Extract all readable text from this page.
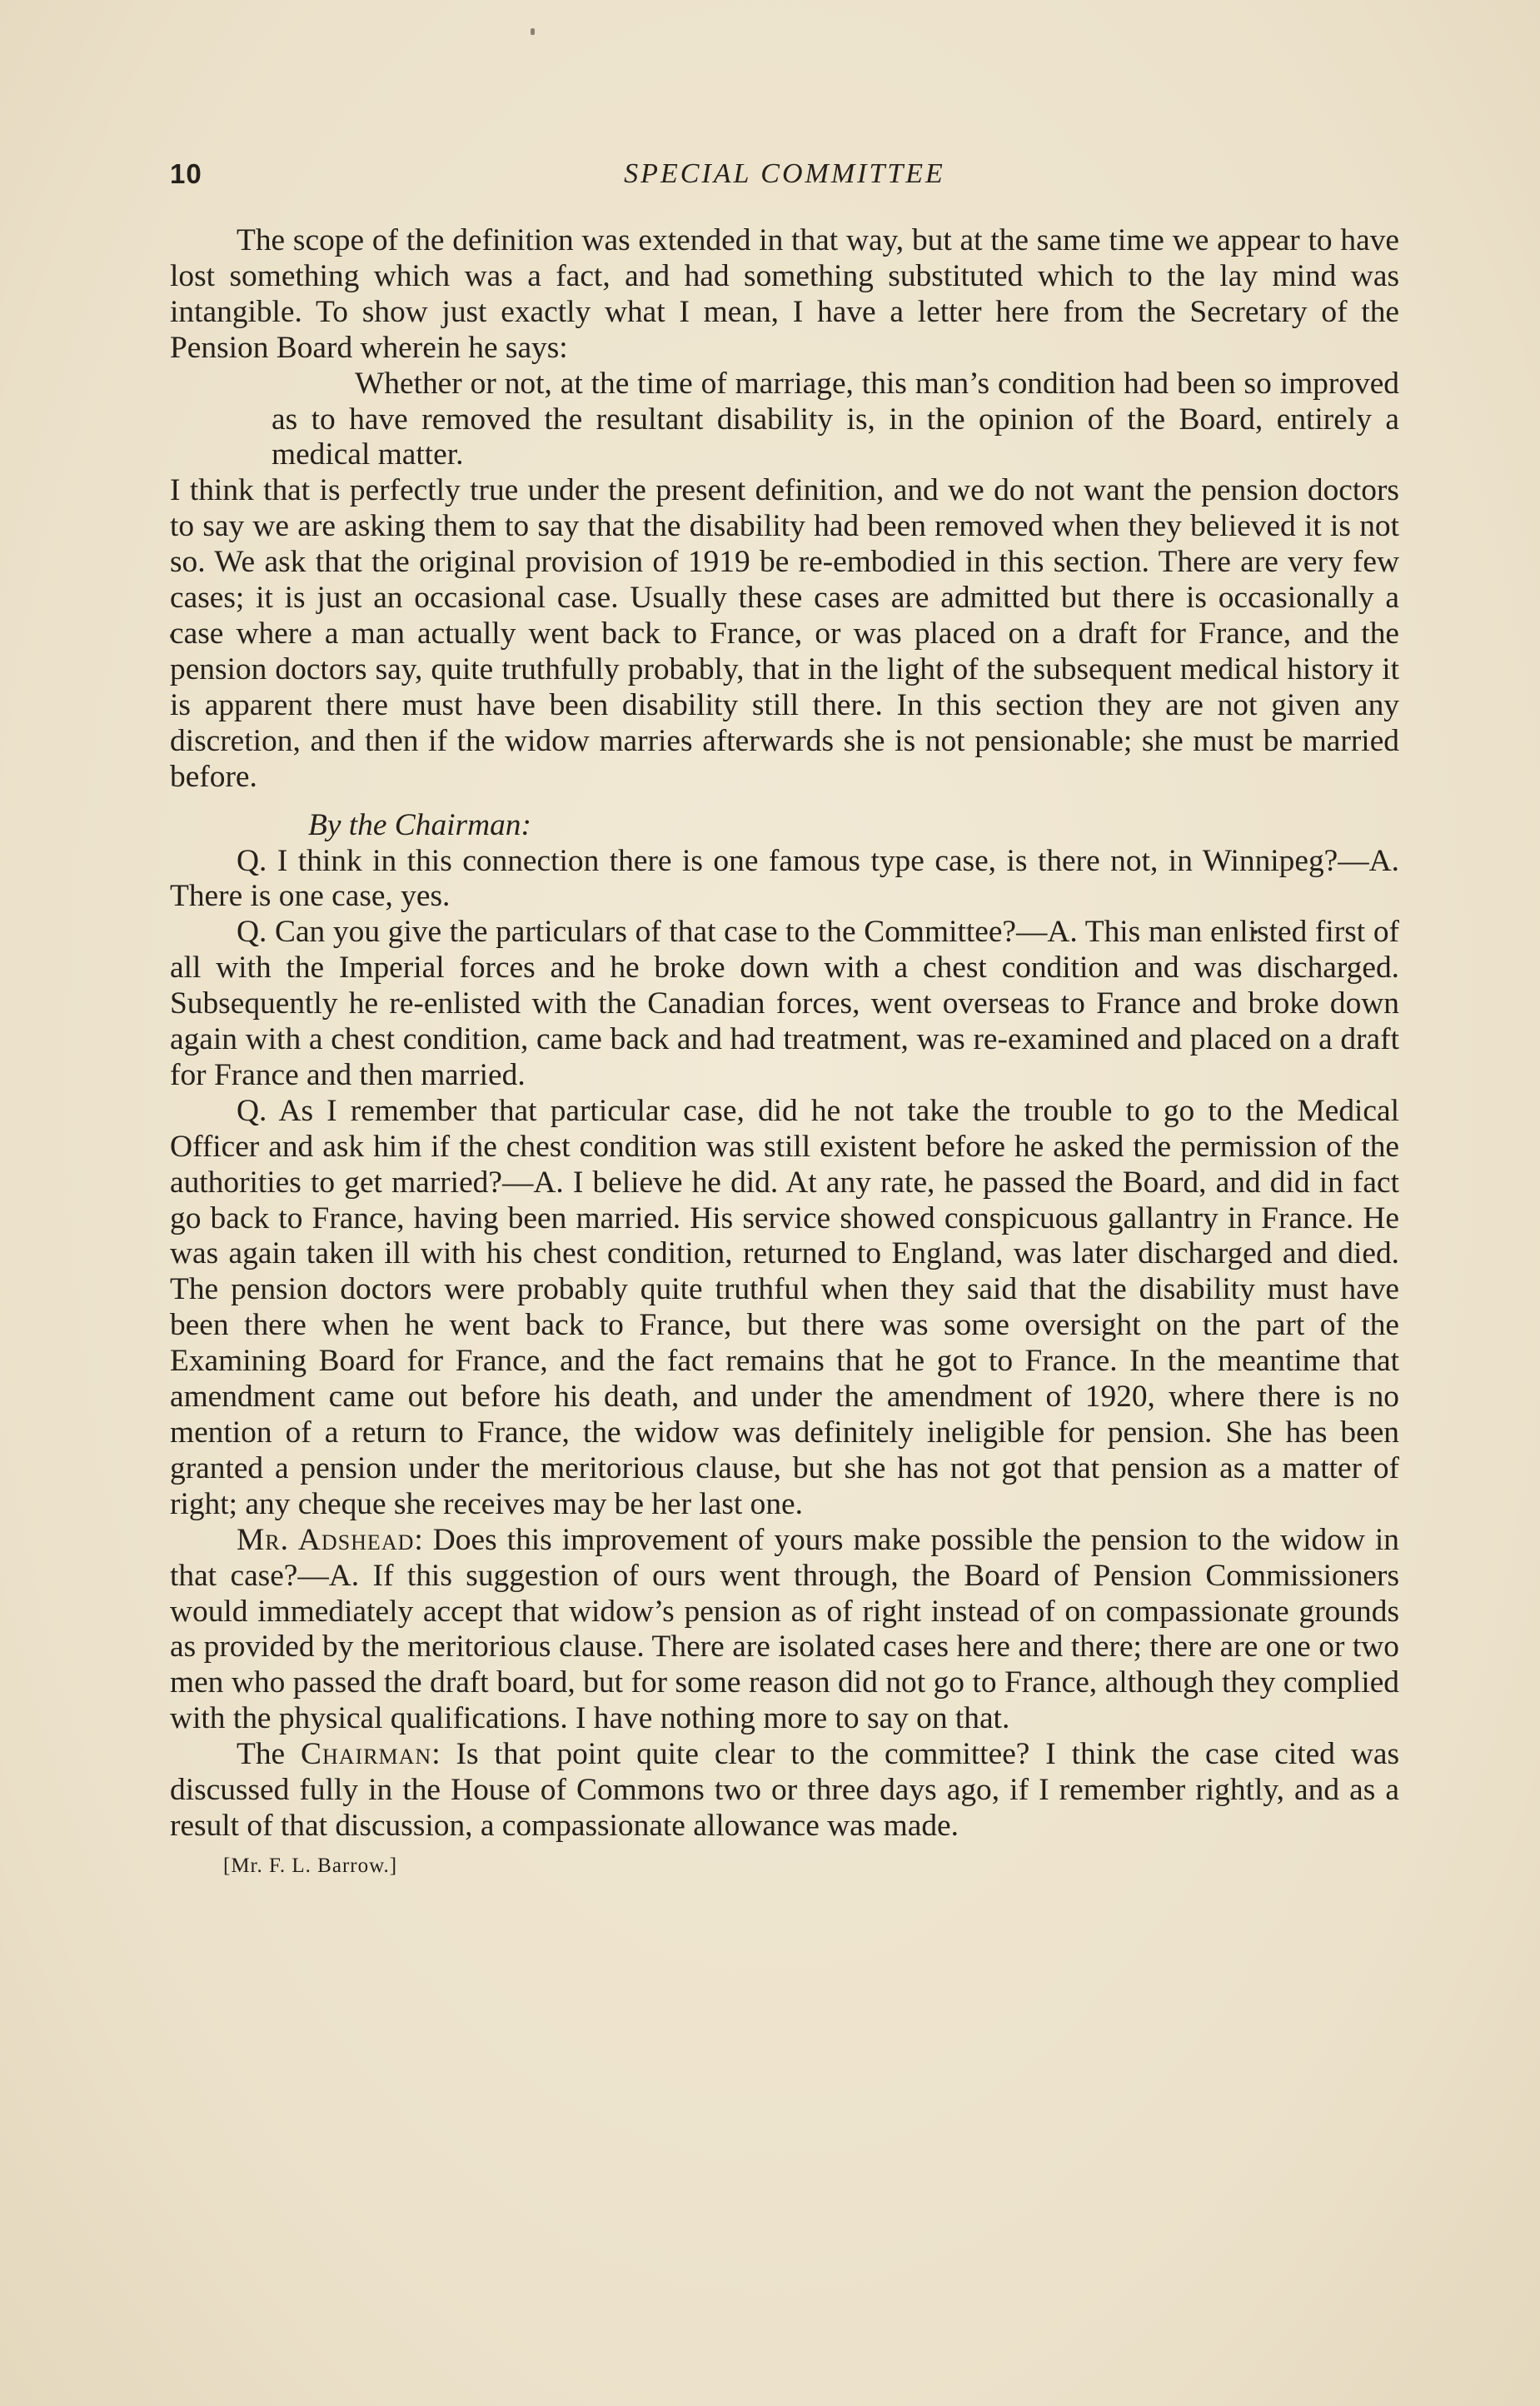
10	SPECIAL COMMITTEE

The scope of the definition was extended in that way, but at the same time we appear to have lost something which was a fact, and had something substituted which to the lay mind was intangible. To show just exactly what I mean, I have a letter here from the Secretary of the Pension Board wherein he says:

Whether or not, at the time of marriage, this man’s condition had been so improved as to have removed the resultant disability is, in the opinion of the Board, entirely a medical matter.

I think that is perfectly true under the present definition, and we do not want the pension doctors to say we are asking them to say that the disability had been removed when they believed it is not so. We ask that the original provision of 1919 be re-embodied in this section. There are very few cases; it is just an occasional case. Usually these cases are admitted but there is occasionally a case where a man actually went back to France, or was placed on a draft for France, and the pension doctors say, quite truthfully probably, that in the light of the subsequent medical history it is apparent there must have been disability still there. In this section they are not given any discretion, and then if the widow marries afterwards she is not pensionable; she must be married before.

By the Chairman:

Q. I think in this connection there is one famous type case, is there not, in Winnipeg?—A. There is one case, yes.

Q. Can you give the particulars of that case to the Committee?—A. This man enlisted first of all with the Imperial forces and he broke down with a chest condition and was discharged. Subsequently he re-enlisted with the Canadian forces, went overseas to France and broke down again with a chest condition, came back and had treatment, was re-examined and placed on a draft for France and then married.

Q. As I remember that particular case, did he not take the trouble to go to the Medical Officer and ask him if the chest condition was still existent before he asked the permission of the authorities to get married?—A. I believe he did. At any rate, he passed the Board, and did in fact go back to France, having been married. His service showed conspicuous gallantry in France. He was again taken ill with his chest condition, returned to England, was later discharged and died. The pension doctors were probably quite truthful when they said that the disability must have been there when he went back to France, but there was some oversight on the part of the Examining Board for France, and the fact remains that he got to France. In the meantime that amendment came out before his death, and under the amendment of 1920, where there is no mention of a return to France, the widow was definitely ineligible for pension. She has been granted a pension under the meritorious clause, but she has not got that pension as a matter of right; any cheque she receives may be her last one.

Mr. Adshead: Does this improvement of yours make possible the pension to the widow in that case?—A. If this suggestion of ours went through, the Board of Pension Commissioners would immediately accept that widow’s pension as of right instead of on compassionate grounds as provided by the meritorious clause. There are isolated cases here and there; there are one or two men who passed the draft board, but for some reason did not go to France, although they complied with the physical qualifications. I have nothing more to say on that.

The Chairman: Is that point quite clear to the committee? I think the case cited was discussed fully in the House of Commons two or three days ago, if I remember rightly, and as a result of that discussion, a compassionate allowance was made.

[Mr. F. L. Barrow.]
